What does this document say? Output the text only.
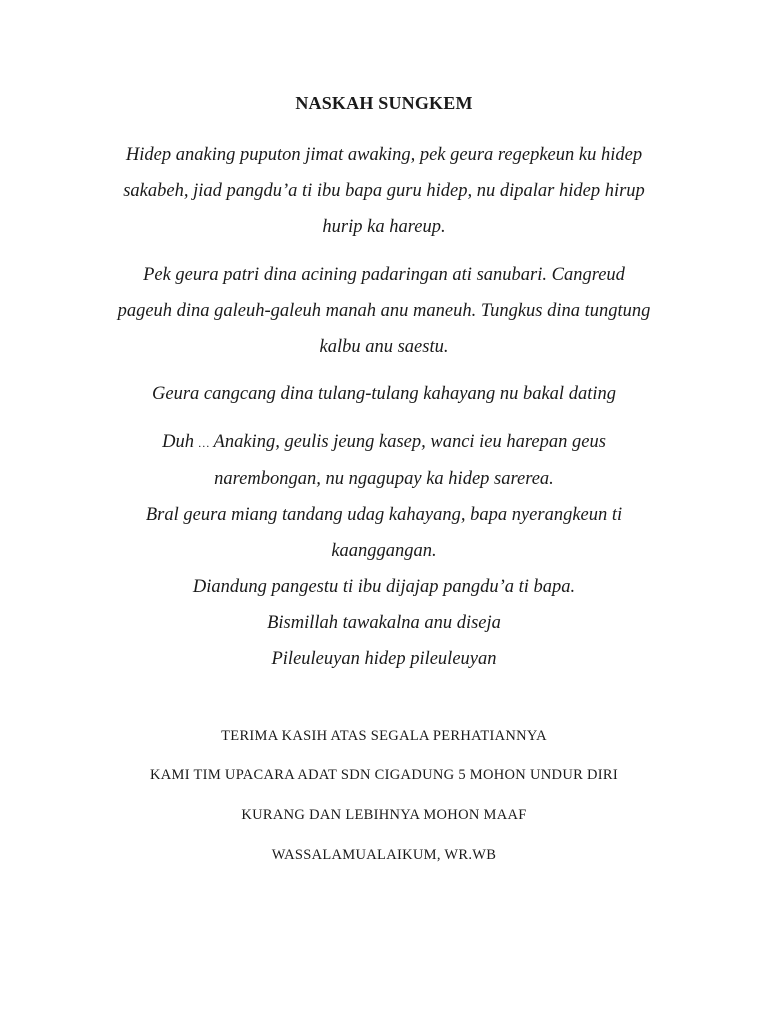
NASKAH SUNGKEM
Hidep anaking puputon jimat awaking, pek geura regepkeun ku hidep
sakabeh, jiad pangdu’a ti ibu bapa guru hidep, nu dipalar hidep hirup
hurip ka hareup.
Pek geura patri dina acining padaringan ati sanubari. Cangreud
pageuh dina galeuh-galeuh manah anu maneuh. Tungkus dina tungtung
kalbu anu saestu.
Geura cangcang dina tulang-tulang kahayang nu bakal dating
Duh … Anaking, geulis jeung kasep, wanci ieu harepan geus
narembongan, nu ngagupay ka hidep sarerea.
Bral geura miang tandang udag kahayang, bapa nyerangkeun ti
kaanggangan.
Diandung pangestu ti ibu dijajap pangdu’a ti bapa.
Bismillah tawakalna anu diseja
Pileuleuyan hidep pileuleuyan
TERIMA KASIH ATAS SEGALA PERHATIANNYA
KAMI TIM UPACARA ADAT SDN CIGADUNG 5 MOHON UNDUR DIRI
KURANG DAN LEBIHNYA MOHON MAAF
WASSALAMUALAIKUM, WR.WB
